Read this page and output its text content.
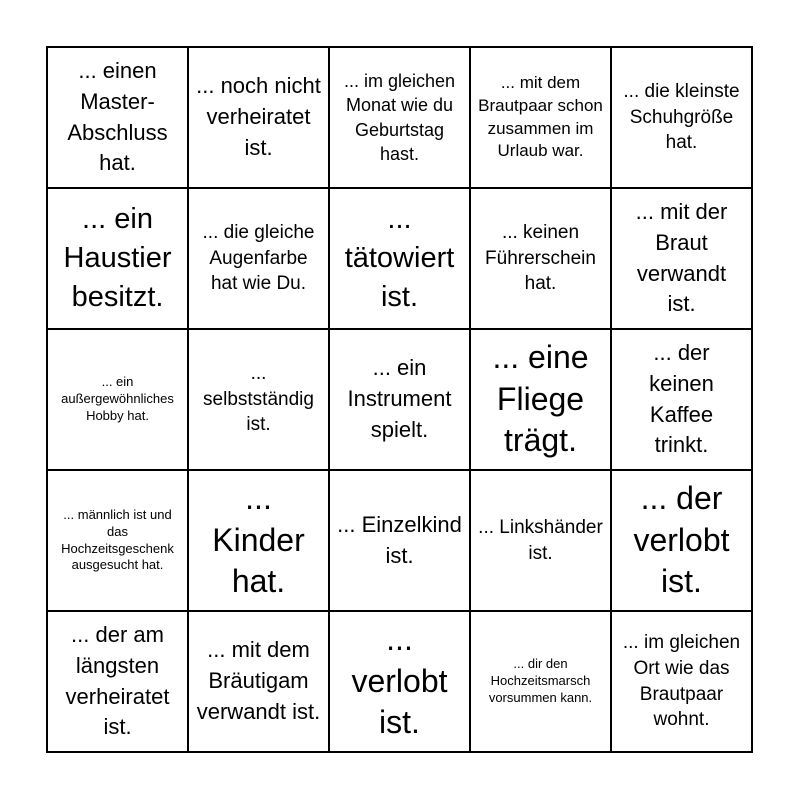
... einen Master-Abschluss hat.
... noch nicht verheiratet ist.
... im gleichen Monat wie du Geburtstag hast.
... mit dem Brautpaar schon zusammen im Urlaub war.
... die kleinste Schuhgröße hat.
... ein Haustier besitzt.
... die gleiche Augenfarbe hat wie Du.
... tätowiert ist.
... keinen Führerschein hat.
... mit der Braut verwandt ist.
... ein außergewöhnliches Hobby hat.
... selbstständig ist.
... ein Instrument spielt.
... eine Fliege trägt.
... der keinen Kaffee trinkt.
... männlich ist und das Hochzeitsgeschenk ausgesucht hat.
... Kinder hat.
... Einzelkind ist.
... Linkshänder ist.
... der verlobt ist.
... der am längsten verheiratet ist.
... mit dem Bräutigam verwandt ist.
... verlobt ist.
... dir den Hochzeitsmarsch vorsummen kann.
... im gleichen Ort wie das Brautpaar wohnt.
